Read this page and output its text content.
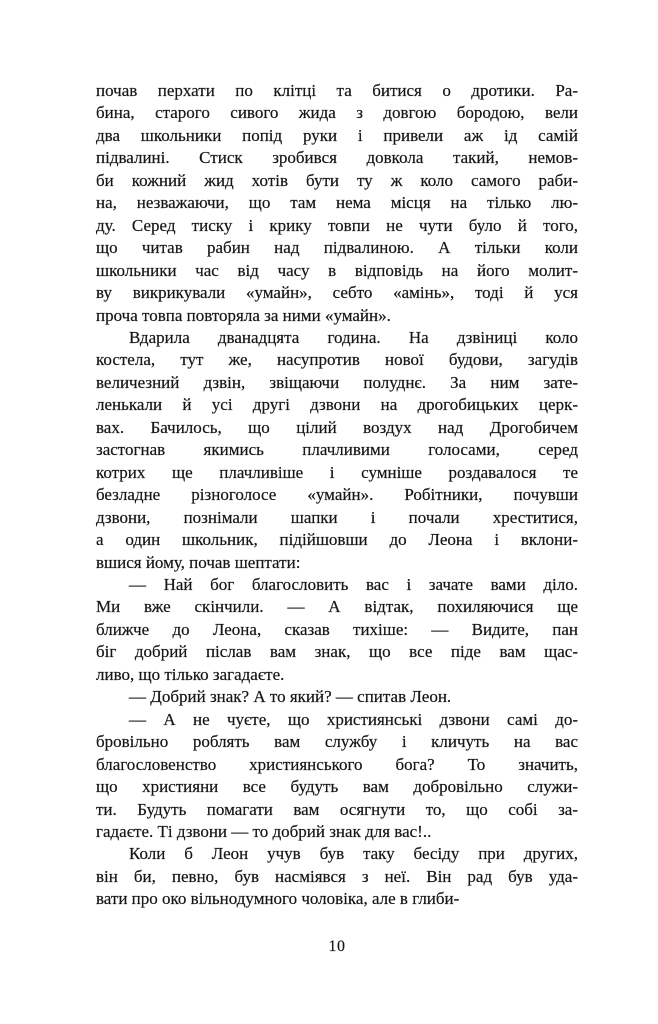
почав перхати по клітці та битися о дротики. Ра-
бина, старого сивого жида з довгою бородою, вели
два школьники попід руки і привели аж ід самій
підвалині. Стиск зробився довкола такий, немов-
би кожний жид хотів бути ту ж коло самого раби-
на, незважаючи, що там нема місця на тілько лю-
ду. Серед тиску і крику товпи не чути було й того,
що читав рабин над підвалиною. А тільки коли
школьники час від часу в відповідь на його молит-
ву викрикували «умайн», себто «амінь», тоді й уся
проча товпа повторяла за ними «умайн».
Вдарила дванадцята година. На дзвіниці коло
костела, тут же, насупротив нової будови, загудів
величезний дзвін, звіщаючи полуднє. За ним зате-
ленькали й усі другі дзвони на дрогобицьких церк-
вах. Бачилось, що цілий воздух над Дрогобичем
застогнав якимись плачливими голосами, серед
котрих ще плачливіше і сумніше роздавалося те
безладне різноголосе «умайн». Робітники, почувши
дзвони, познімали шапки і почали хреститися,
а один школьник, підійшовши до Леона і вклони-
вшися йому, почав шептати:
— Най бог благословить вас і зачате вами діло.
Ми вже скінчили. — А відтак, похиляючися ще
ближче до Леона, сказав тихіше: — Видите, пан
біг добрий післав вам знак, що все піде вам щас-
ливо, що тілько загадаєте.
— Добрий знак? А то який? — спитав Леон.
— А не чуєте, що християнські дзвони самі до-
бровільно роблять вам службу і кличуть на вас
благословенство християнського бога? То значить,
що християни все будуть вам добровільно служи-
ти. Будуть помагати вам осягнути то, що собі за-
гадаєте. Ті дзвони — то добрий знак для вас!..
Коли б Леон учув був таку бесіду при других,
він би, певно, був насміявся з неї. Він рад був уда-
вати про око вільнодумного чоловіка, але в глиби-
10
